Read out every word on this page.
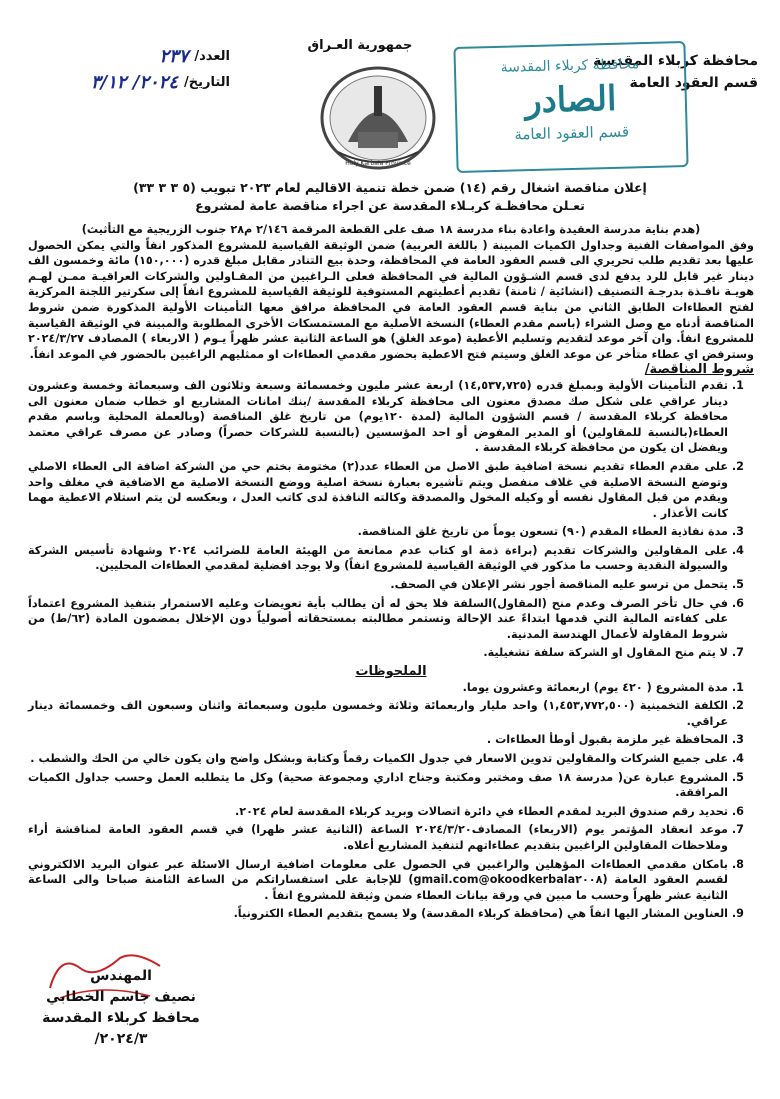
محافظة كربلاء المقدسة
قسم العقود العامة
محافظة كربلاء المقدسة
الصادر
قسم العقود العامة
جمهورية العـراق
Holy Karbala Province
العدد/
٢٣٧
التاريخ/
٢٠٢٤/ ٣/١٢
إعلان مناقصة اشغال رقم (١٤) ضمن خطة تنمية الاقاليم لعام ٢٠٢٣ تبويب (٥ ٣ ٣ ٣٣)
تعـلن محافظـة كربـلاء المقدسة عن اجراء مناقصة عامة لمشروع
(هدم بناية مدرسة العقيدة واعادة بناء مدرسة ١٨ صف على القطعة المرقمة ٢/١٤٦ م٢٨ جنوب الزريجية مع التأثيث)
وفق المواصفات الفنية وجداول الكميات المبينة ( باللغة العربية) ضمن الوثيقة القياسية للمشروع المذكور انفاً والتي يمكن الحصول عليها بعد تقديم طلب تحريري الى قسم العقود العامة في المحافظة، وحدة بيع التنادر مقابل مبلغ قدره (١٥٠,٠٠٠) مائة وخمسون الف دينار غير قابل للرد يدفع لدى قسم الشـؤون المالية في المحافظة فعلى الـراغبين من المقـاولين والشركات العراقيـة ممـن لهـم هويـة نافـذة بدرجـة التصنيف (انشائية / ثامنة) تقديم أعطيتهم المستوفية للوثيقة القياسية للمشروع انفاً إلى سكرتير اللجنة المركزية لفتح العطاءات الطابق الثاني من بناية قسم العقود العامة في المحافظة مرافق معها التأمينات الأولية المذكورة ضمن شروط المناقصة أدناه مع وصل الشراء (باسم مقدم العطاء) النسخة الأصلية مع المستمسكات الأخرى المطلوبة والمبينة في الوثيقة القياسية للمشروع انفاً. وان آخر موعد لتقديم وتسليم الأعطية (موعد الغلق) هو الساعة الثانية عشر ظهراً يـوم ( الاربعاء ) المصادف ٢٠٢٤/٣/٢٧ وسترفض اي عطاء متأخر عن موعد الغلق وسيتم فتح الاعطية بحضور مقدمي العطاءات او ممثليهم الراغبين بالحضور في الموعد انفاً.
شروط المناقصة/
1. تقدم التأمينات الأولية وبمبلغ قدره (١٤,٥٣٧,٧٢٥) اربعة عشر مليون وخمسمائة وسبعة وثلاثون الف وسبعمائة وخمسة وعشرون دينار عراقي على شكل صك مصدق معنون الى محافظة كربلاء المقدسة /بنك امانات المشاريع او خطاب ضمان معنون الى محافظة كربلاء المقدسة / قسم الشؤون المالية (لمدة ١٢٠يوم) من تاريخ غلق المناقصة (وبالعملة المحلية وباسم مقدم العطاء(بالنسبة للمقاولين) أو المدير المفوض أو احد المؤسسين (بالنسبة للشركات حصراً) وصادر عن مصرف عراقي معتمد ويفضل ان يكون من محافظة كربلاء المقدسة .
2. على مقدم العطاء تقديم نسخة اضافية طبق الاصل من العطاء عدد(٢) مختومة بختم حي من الشركة اضافة الى العطاء الاصلي وتوضع النسخة الاصلية في غلاف منفصل ويتم تأشيره بعبارة نسخة اصلية ووضع النسخة الاصلية مع الاضافية في مغلف واحد ويقدم من قبل المقاول نفسه أو وكيله المخول والمصدقة وكالته النافذة لدى كاتب العدل ، وبعكسه لن يتم استلام الاعطية مهما كانت الأعذار .
3. مدة نفاذية العطاء المقدم (٩٠) تسعون يوماً من تاريخ غلق المناقصة.
4. على المقاولين والشركات تقديم (براءة ذمة او كتاب عدم ممانعة من الهيئة العامة للضرائب ٢٠٢٤ وشهادة تأسيس الشركة والسيولة النقدية وحسب ما مذكور في الوثيقة القياسية للمشروع انفاً) ولا يوجد افضلية لمقدمي العطاءات المحليين.
5. يتحمل من ترسو عليه المناقصة أجور نشر الإعلان في الصحف.
6. في حال تأخر الصرف وعدم منح (المقاول)السلفة فلا يحق له أن يطالب بأية تعويضات وعليه الاستمرار بتنفيذ المشروع اعتماداً على كفاءته المالية التي قدمها ابتداءً عند الإحالة وتستمر مطالبته بمستحقاته أصولياً دون الإخلال بمضمون المادة (٦٢/ط) من شروط المقاولة لأعمال الهندسة المدنية.
7. لا يتم منح المقاول او الشركة سلفة تشغيلية.
الملحوظات
1. مدة المشروع ( ٤٢٠ يوم) اربعمائة وعشرون يوما.
2. الكلفة التخمينية (١,٤٥٣,٧٧٢,٥٠٠) واحد مليار واربعمائة وثلاثة وخمسون مليون وسبعمائة واثنان وسبعون الف وخمسمائة دينار عراقي.
3. المحافظة غير ملزمة بقبول أوطأ العطاءات .
4. على جميع الشركات والمقاولين تدوين الاسعار في جدول الكميات رقماً وكتابة وبشكل واضح وان يكون خالي من الحك والشطب .
5. المشروع عبارة عن( مدرسة ١٨ صف ومختبر ومكتبة وجناح اداري ومجموعة صحية) وكل ما يتطلبه العمل وحسب جداول الكميات المرافقة.
6. تحديد رقم صندوق البريد لمقدم العطاء في دائرة اتصالات وبريد كربلاء المقدسة لعام ٢٠٢٤.
7. موعد انعقاد المؤتمر يوم (الاربعاء) المصادف٢٠٢٤/٣/٢٠ الساعة (الثانية عشر ظهرا) في قسم العقود العامة لمناقشة أراء وملاحظات المقاولين الراغبين بتقديم عطاءاتهم لتنفيذ المشاريع أعلاه.
8. بامكان مقدمي العطاءات المؤهلين والراغبين في الحصول على معلومات اضافية ارسال الاسئلة عبر عنوان البريد الالكتروني لقسم العقود العامة (okoodkerbala٢٠٠٨@gmail.com) للإجابة على استفساراتكم من الساعة الثامنة صباحا والى الساعة الثانية عشر ظهراً وحسب ما مبين في ورقة بيانات العطاء ضمن وثيقة للمشروع انفاً .
9. العناوين المشار اليها انفاً هي (محافظة كربلاء المقدسة) ولا يسمح بتقديم العطاء الكترونياً.
المهندس
نصيف جاسم الخطابي
محافظ كربلاء المقدسة
٢٠٢٤/٣/
